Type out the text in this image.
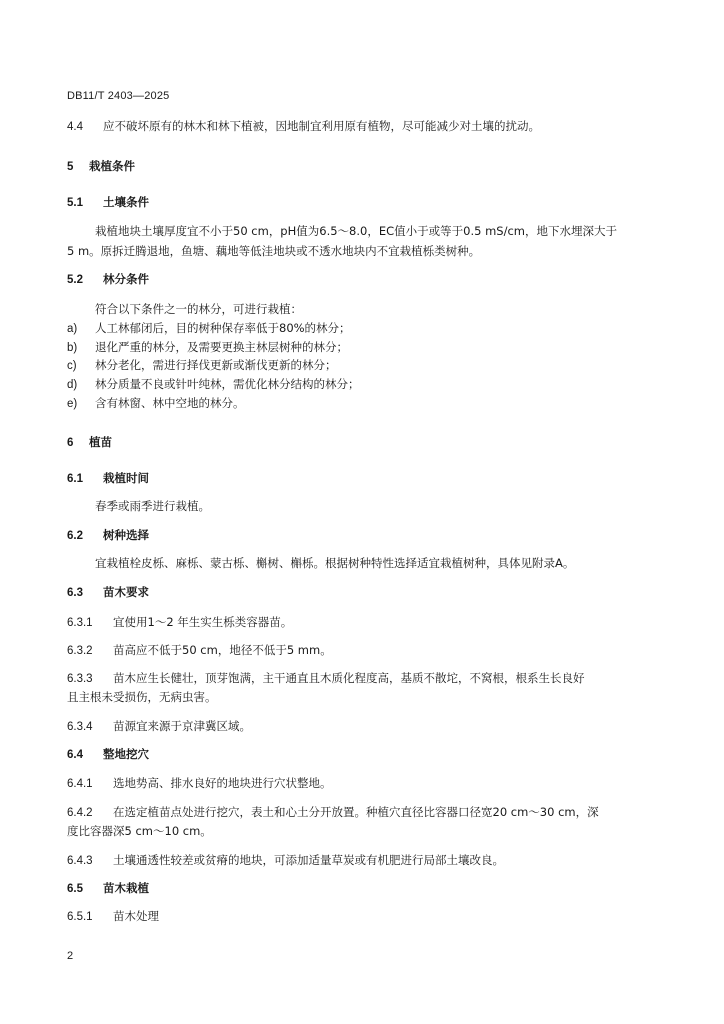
DB11/T 2403—2025
4.4 应不破坏原有的林木和林下植被，因地制宜利用原有植物，尽可能减少对土壤的扰动。
5 栽植条件
5.1 土壤条件
栽植地块土壤厚度宜不小于50 cm，pH值为6.5～8.0，EC值小于或等于0.5 mS/cm，地下水埋深大于
5 m。原拆迁腾退地，鱼塘、藕地等低洼地块或不透水地块内不宜栽植栎类树种。
5.2 林分条件
符合以下条件之一的林分，可进行栽植：
a) 人工林郁闭后，目的树种保存率低于80%的林分；
b) 退化严重的林分，及需要更换主林层树种的林分；
c) 林分老化，需进行择伐更新或渐伐更新的林分；
d) 林分质量不良或针叶纯林，需优化林分结构的林分；
e) 含有林窗、林中空地的林分。
6 植苗
6.1 栽植时间
春季或雨季进行栽植。
6.2 树种选择
宜栽植栓皮栎、麻栎、蒙古栎、槲树、槲栎。根据树种特性选择适宜栽植树种，具体见附录A。
6.3 苗木要求
6.3.1 宜使用1～2 年生实生栎类容器苗。
6.3.2 苗高应不低于50 cm，地径不低于5 mm。
6.3.3 苗木应生长健壮，顶芽饱满，主干通直且木质化程度高，基质不散坨，不窝根，根系生长良好
且主根未受损伤，无病虫害。
6.3.4 苗源宜来源于京津冀区域。
6.4 整地挖穴
6.4.1 选地势高、排水良好的地块进行穴状整地。
6.4.2 在选定植苗点处进行挖穴，表土和心土分开放置。种植穴直径比容器口径宽20 cm～30 cm，深
度比容器深5 cm～10 cm。
6.4.3 土壤通透性较差或贫瘠的地块，可添加适量草炭或有机肥进行局部土壤改良。
6.5 苗木栽植
6.5.1 苗木处理
2
